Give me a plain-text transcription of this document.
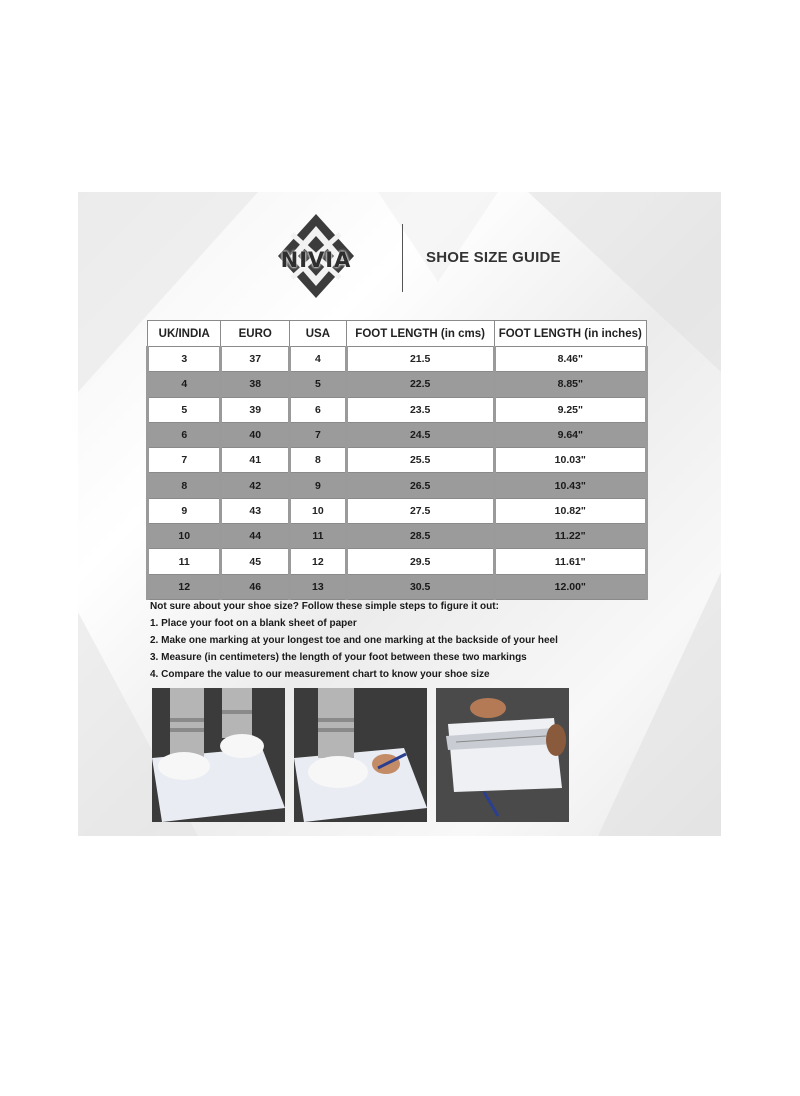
NIVIA	SHOE SIZE GUIDE
UK/INDIA	EURO	USA	FOOT LENGTH (in cms)	FOOT LENGTH (in inches)
3	37	4	21.5	8.46"
4	38	5	22.5	8.85"
5	39	6	23.5	9.25"
6	40	7	24.5	9.64"
7	41	8	25.5	10.03"
8	42	9	26.5	10.43"
9	43	10	27.5	10.82"
10	44	11	28.5	11.22"
11	45	12	29.5	11.61"
12	46	13	30.5	12.00"
Not sure about your shoe size? Follow these simple steps to figure it out:
1. Place your foot on a blank sheet of paper
2. Make one marking at your longest toe and one marking at the backside of your heel
3. Measure (in centimeters) the length of your foot between these two markings
4. Compare the value to our measurement chart to know your shoe size
